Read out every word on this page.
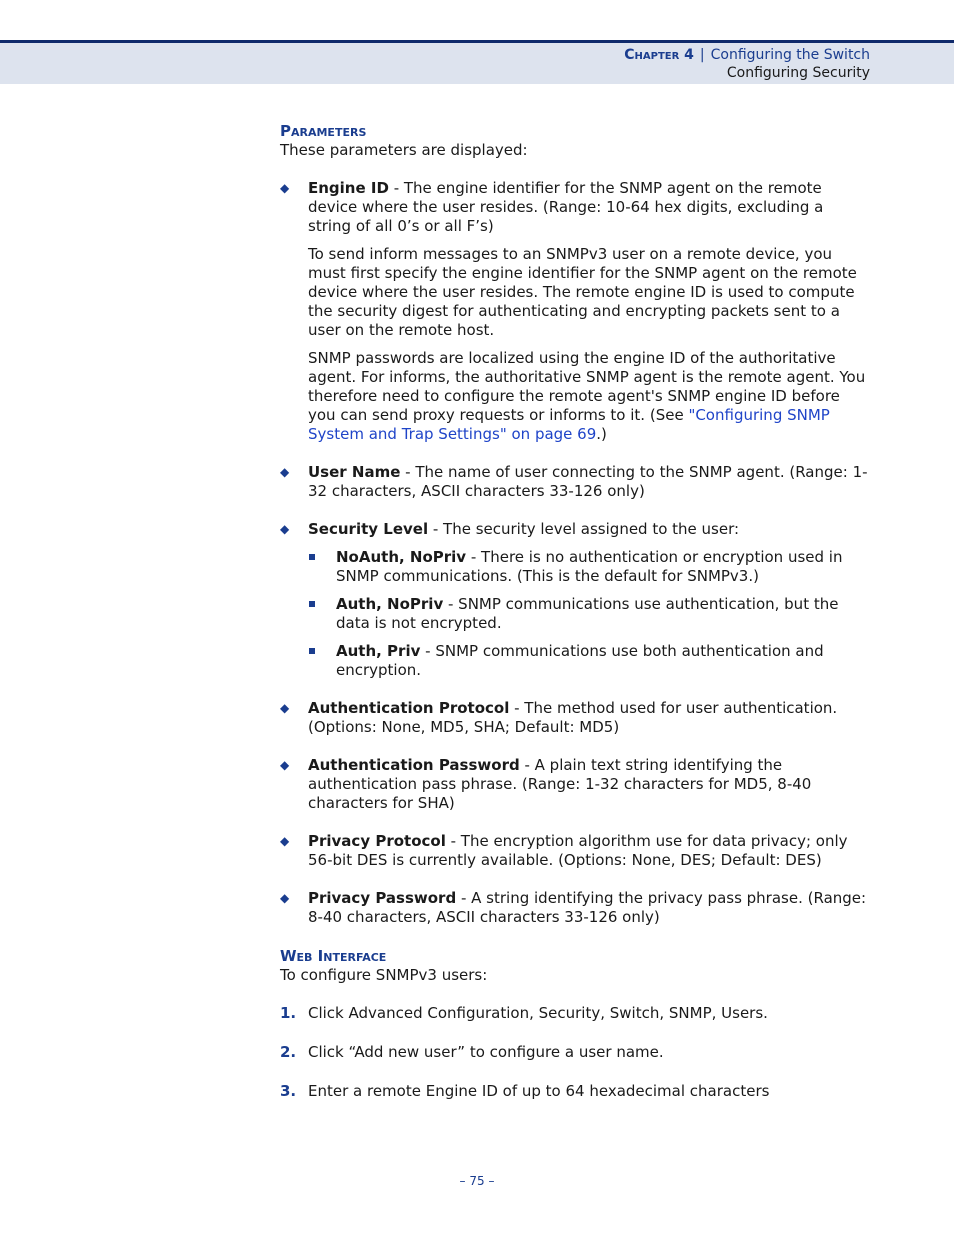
Chapter 4 | Configuring the Switch
Configuring Security
Parameters
These parameters are displayed:
◆ Engine ID - The engine identifier for the SNMP agent on the remote device where the user resides. (Range: 10-64 hex digits, excluding a string of all 0’s or all F’s)

To send inform messages to an SNMPv3 user on a remote device, you must first specify the engine identifier for the SNMP agent on the remote device where the user resides. The remote engine ID is used to compute the security digest for authenticating and encrypting packets sent to a user on the remote host.

SNMP passwords are localized using the engine ID of the authoritative agent. For informs, the authoritative SNMP agent is the remote agent. You therefore need to configure the remote agent's SNMP engine ID before you can send proxy requests or informs to it. (See "Configuring SNMP System and Trap Settings" on page 69.)

◆ User Name - The name of user connecting to the SNMP agent. (Range: 1-32 characters, ASCII characters 33-126 only)

◆ Security Level - The security level assigned to the user:

NoAuth, NoPriv - There is no authentication or encryption used in SNMP communications. (This is the default for SNMPv3.)
Auth, NoPriv - SNMP communications use authentication, but the data is not encrypted.
Auth, Priv - SNMP communications use both authentication and encryption.
◆ Authentication Protocol - The method used for user authentication. (Options: None, MD5, SHA; Default: MD5)

◆ Authentication Password - A plain text string identifying the authentication pass phrase. (Range: 1-32 characters for MD5, 8-40 characters for SHA)

◆ Privacy Protocol - The encryption algorithm use for data privacy; only 56-bit DES is currently available. (Options: None, DES; Default: DES)

◆ Privacy Password - A string identifying the privacy pass phrase. (Range: 8-40 characters, ASCII characters 33-126 only)

Web Interface
To configure SNMPv3 users:
1. Click Advanced Configuration, Security, Switch, SNMP, Users.
2. Click “Add new user” to configure a user name.
3. Enter a remote Engine ID of up to 64 hexadecimal characters
– 75 –
